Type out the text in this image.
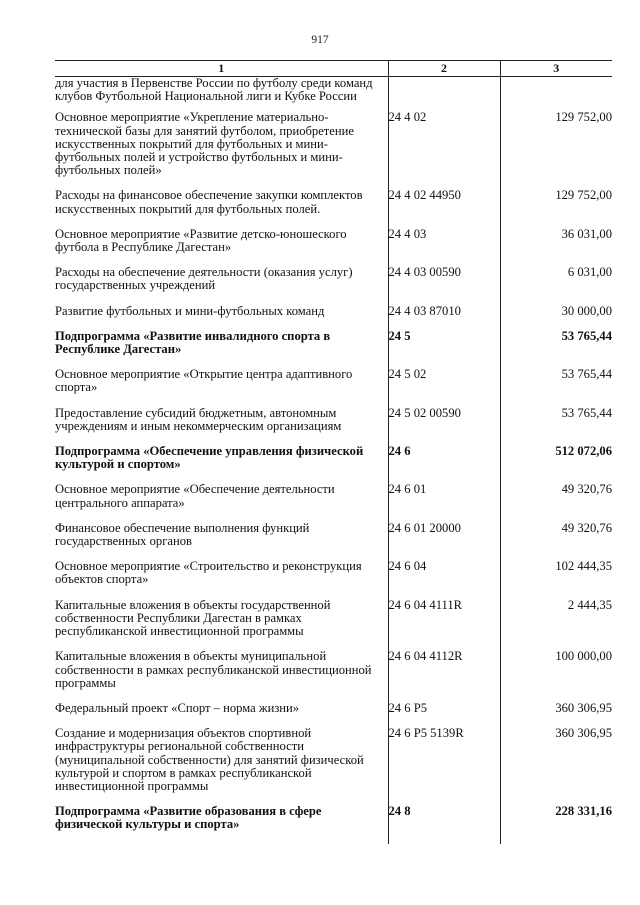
917
1	2	3
для участия в Первенстве России по футболу среди команд клубов Футбольной Национальной лиги и Кубке России		
Основное мероприятие «Укрепление материально-технической базы для занятий футболом, приобретение искусственных покрытий для футбольных и мини-футбольных полей и устройство футбольных и мини-футбольных полей»	24 4 02	129 752,00
Расходы на финансовое обеспечение закупки комплектов искусственных покрытий для футбольных полей.	24 4 02 44950	129 752,00
Основное мероприятие «Развитие детско-юношеского футбола в Республике Дагестан»	24 4 03	36 031,00
Расходы на обеспечение деятельности (оказания услуг) государственных учреждений	24 4 03 00590	6 031,00
Развитие футбольных и мини-футбольных команд	24 4 03 87010	30 000,00
Подпрограмма «Развитие инвалидного спорта в Республике Дагестан»	24 5	53 765,44
Основное мероприятие «Открытие центра адаптивного спорта»	24 5 02	53 765,44
Предоставление субсидий бюджетным, автономным учреждениям и иным некоммерческим организациям	24 5 02 00590	53 765,44
Подпрограмма «Обеспечение управления физической культурой и спортом»	24 6	512 072,06
Основное мероприятие «Обеспечение деятельности центрального аппарата»	24 6 01	49 320,76
Финансовое обеспечение выполнения функций государственных органов	24 6 01 20000	49 320,76
Основное мероприятие «Строительство и реконструкция объектов спорта»	24 6 04	102 444,35
Капитальные вложения в объекты государственной собственности Республики Дагестан в рамках республиканской инвестиционной программы	24 6 04 4111R	2 444,35
Капитальные вложения в объекты муниципальной собственности в рамках республиканской инвестиционной программы	24 6 04 4112R	100 000,00
Федеральный проект «Спорт – норма жизни»	24 6 P5	360 306,95
Создание и модернизация объектов спортивной инфраструктуры региональной собственности (муниципальной собственности) для занятий физической культурой и спортом в рамках республиканской инвестиционной программы	24 6 P5 5139R	360 306,95
Подпрограмма «Развитие образования в сфере физической культуры и спорта»	24 8	228 331,16
